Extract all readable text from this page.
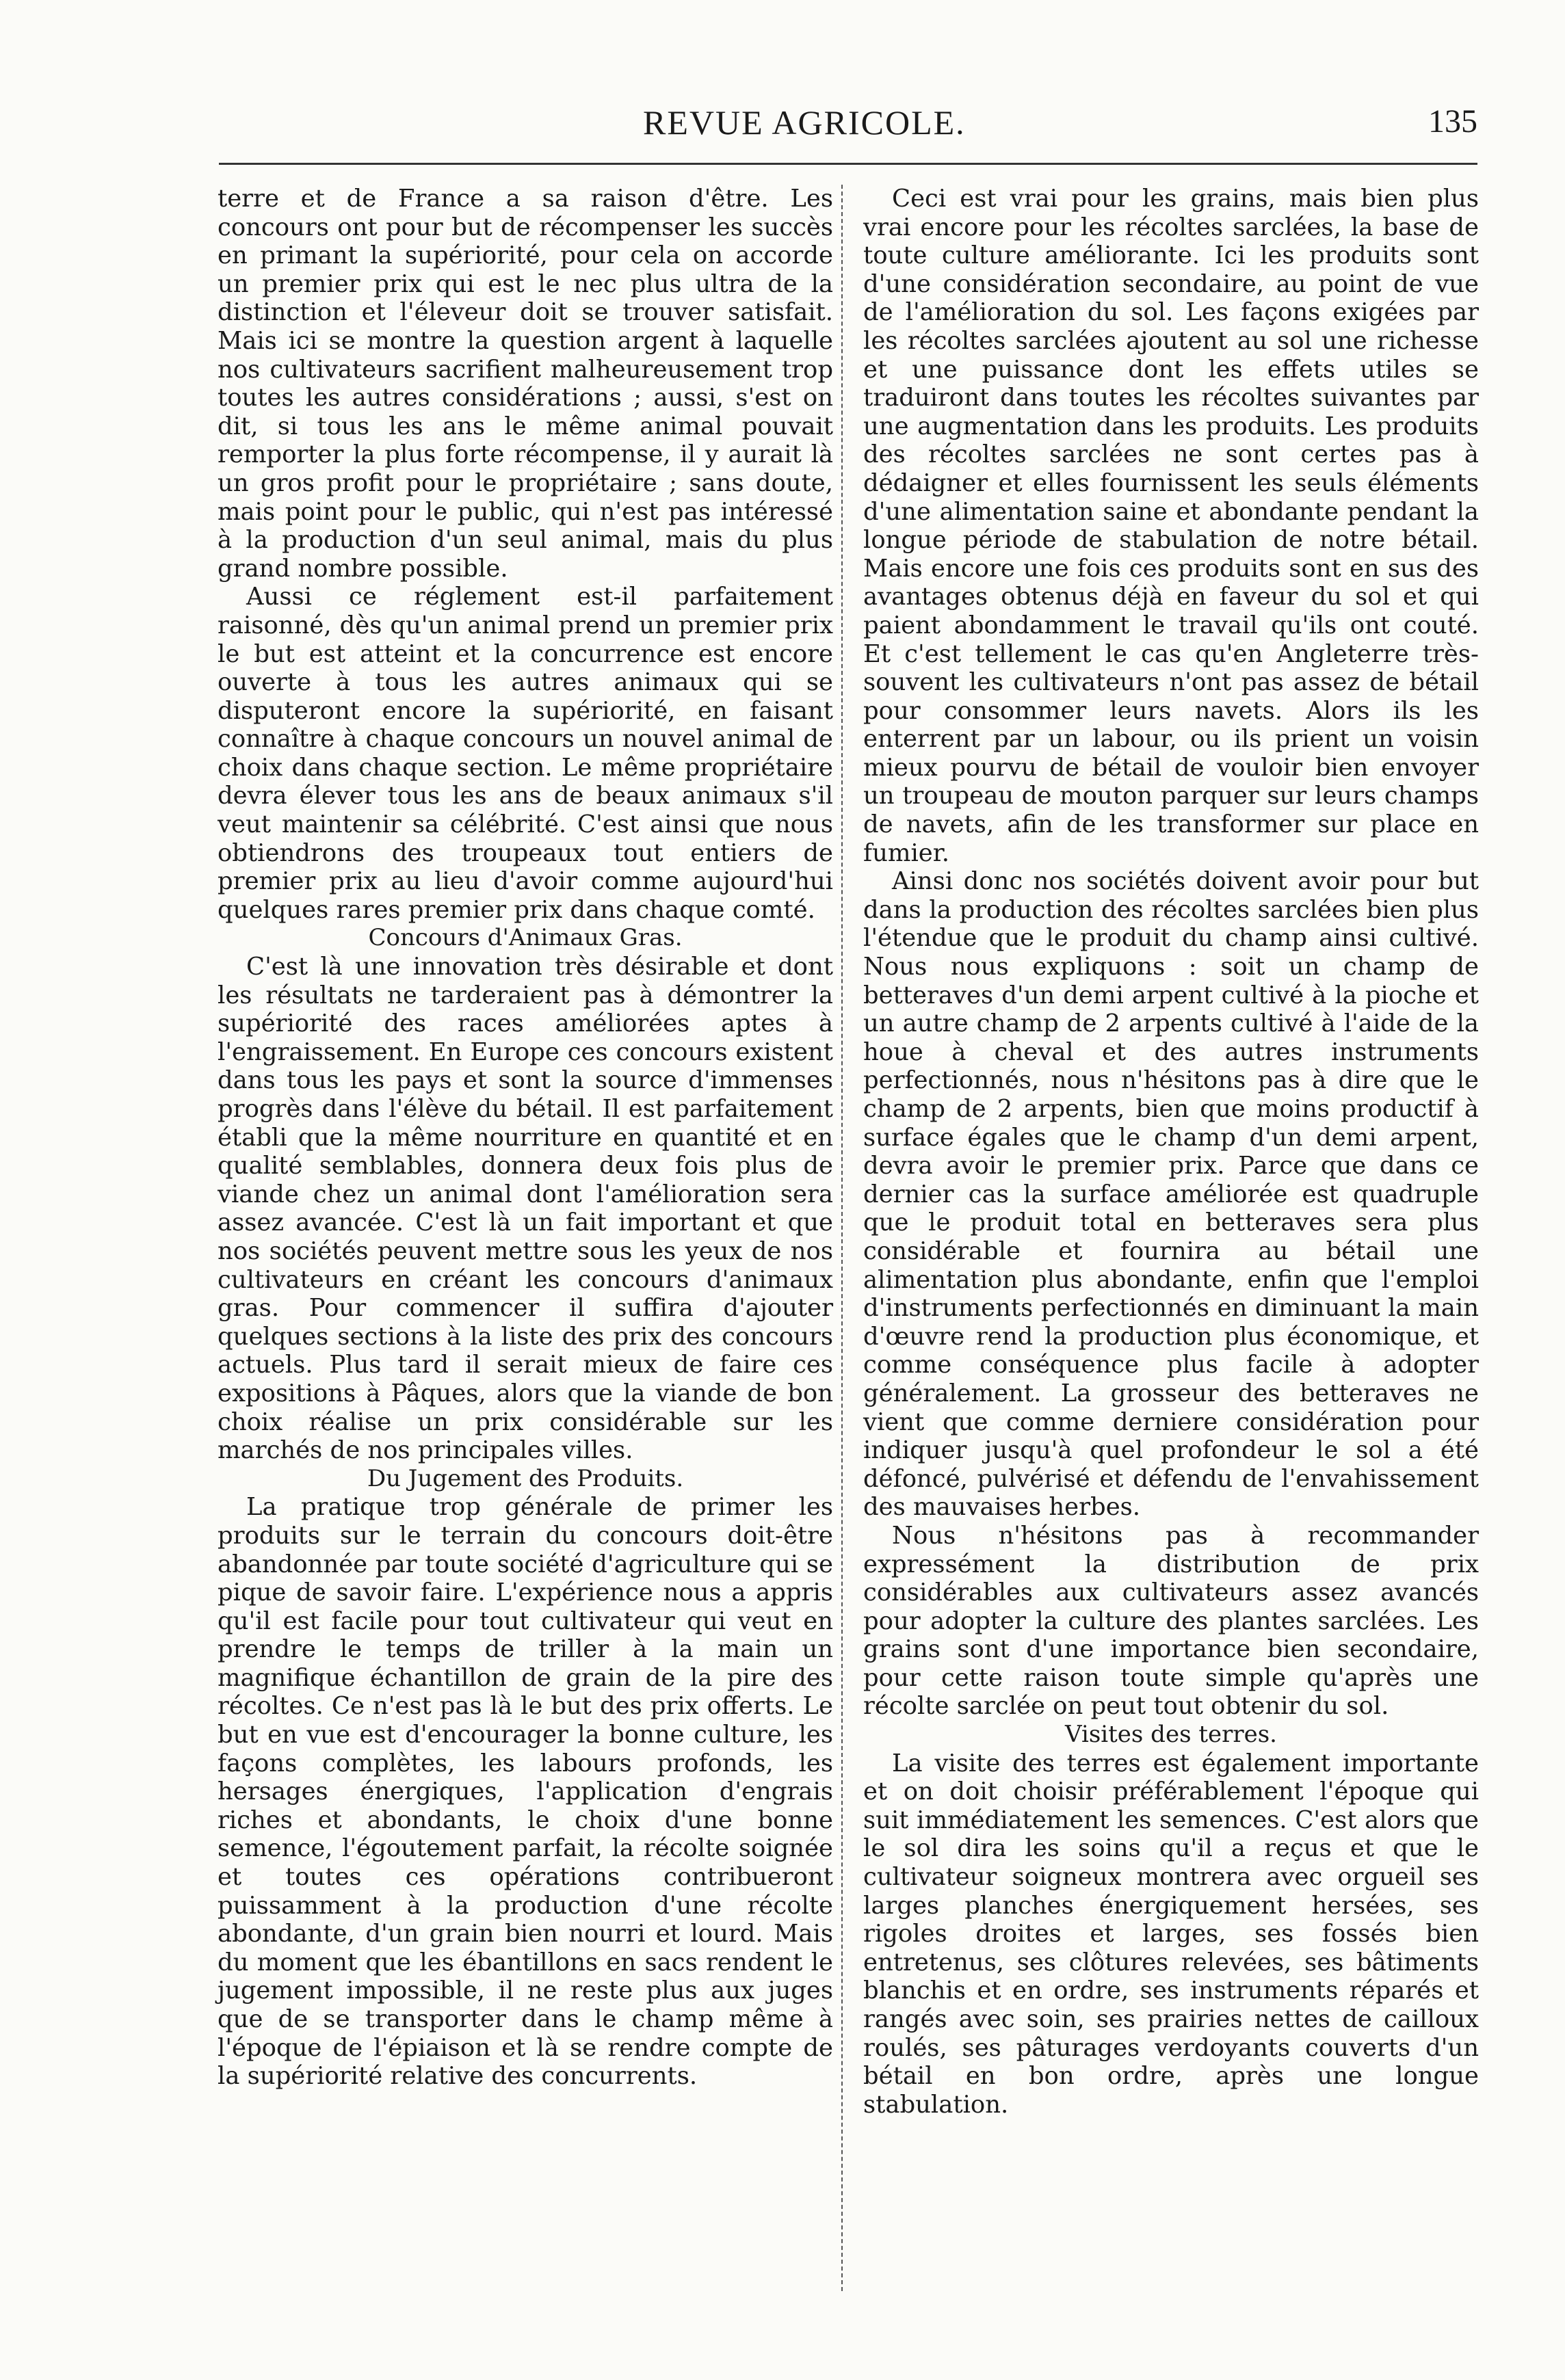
REVUE AGRICOLE.	135

terre et de France a sa raison d'être. Les concours ont pour but de récompenser les succès en primant la supériorité, pour cela on accorde un premier prix qui est le nec plus ultra de la distinction et l'éleveur doit se trouver satisfait. Mais ici se montre la question argent à laquelle nos cultivateurs sacrifient malheureusement trop toutes les autres considérations ; aussi, s'est on dit, si tous les ans le même animal pouvait remporter la plus forte récompense, il y aurait là un gros profit pour le propriétaire ; sans doute, mais point pour le public, qui n'est pas intéressé à la production d'un seul animal, mais du plus grand nombre possible.

Aussi ce réglement est-il parfaitement raisonné, dès qu'un animal prend un premier prix le but est atteint et la concurrence est encore ouverte à tous les autres animaux qui se disputeront encore la supériorité, en faisant connaître à chaque concours un nouvel animal de choix dans chaque section. Le même propriétaire devra élever tous les ans de beaux animaux s'il veut maintenir sa célébrité. C'est ainsi que nous obtiendrons des troupeaux tout entiers de premier prix au lieu d'avoir comme aujourd'hui quelques rares premier prix dans chaque comté.

Concours d'Animaux Gras.

C'est là une innovation très désirable et dont les résultats ne tarderaient pas à démontrer la supériorité des races améliorées aptes à l'engraissement. En Europe ces concours existent dans tous les pays et sont la source d'immenses progrès dans l'élève du bétail. Il est parfaitement établi que la même nourriture en quantité et en qualité semblables, donnera deux fois plus de viande chez un animal dont l'amélioration sera assez avancée. C'est là un fait important et que nos sociétés peuvent mettre sous les yeux de nos cultivateurs en créant les concours d'animaux gras. Pour commencer il suffira d'ajouter quelques sections à la liste des prix des concours actuels. Plus tard il serait mieux de faire ces expositions à Pâques, alors que la viande de bon choix réalise un prix considérable sur les marchés de nos principales villes.

Du Jugement des Produits.

La pratique trop générale de primer les produits sur le terrain du concours doit-être abandonnée par toute société d'agriculture qui se pique de savoir faire. L'expérience nous a appris qu'il est facile pour tout cultivateur qui veut en prendre le temps de triller à la main un magnifique échantillon de grain de la pire des récoltes. Ce n'est pas là le but des prix offerts. Le but en vue est d'encourager la bonne culture, les façons complètes, les labours profonds, les hersages énergiques, l'application d'engrais riches et abondants, le choix d'une bonne semence, l'égoutement parfait, la récolte soignée et toutes ces opérations contribueront puissamment à la production d'une récolte abondante, d'un grain bien nourri et lourd. Mais du moment que les ébantillons en sacs rendent le jugement impossible, il ne reste plus aux juges que de se transporter dans le champ même à l'époque de l'épiaison et là se rendre compte de la supériorité relative des concurrents.

Ceci est vrai pour les grains, mais bien plus vrai encore pour les récoltes sarclées, la base de toute culture améliorante. Ici les produits sont d'une considération secondaire, au point de vue de l'amélioration du sol. Les façons exigées par les récoltes sarclées ajoutent au sol une richesse et une puissance dont les effets utiles se traduiront dans toutes les récoltes suivantes par une augmentation dans les produits. Les produits des récoltes sarclées ne sont certes pas à dédaigner et elles fournissent les seuls éléments d'une alimentation saine et abondante pendant la longue période de stabulation de notre bétail. Mais encore une fois ces produits sont en sus des avantages obtenus déjà en faveur du sol et qui paient abondamment le travail qu'ils ont couté. Et c'est tellement le cas qu'en Angleterre très-souvent les cultivateurs n'ont pas assez de bétail pour consommer leurs navets. Alors ils les enterrent par un labour, ou ils prient un voisin mieux pourvu de bétail de vouloir bien envoyer un troupeau de mouton parquer sur leurs champs de navets, afin de les transformer sur place en fumier.

Ainsi donc nos sociétés doivent avoir pour but dans la production des récoltes sarclées bien plus l'étendue que le produit du champ ainsi cultivé. Nous nous expliquons : soit un champ de betteraves d'un demi arpent cultivé à la pioche et un autre champ de 2 arpents cultivé à l'aide de la houe à cheval et des autres instruments perfectionnés, nous n'hésitons pas à dire que le champ de 2 arpents, bien que moins productif à surface égales que le champ d'un demi arpent, devra avoir le premier prix. Parce que dans ce dernier cas la surface améliorée est quadruple que le produit total en betteraves sera plus considérable et fournira au bétail une alimentation plus abondante, enfin que l'emploi d'instruments perfectionnés en diminuant la main d'œuvre rend la production plus économique, et comme conséquence plus facile à adopter généralement. La grosseur des betteraves ne vient que comme derniere considération pour indiquer jusqu'à quel profondeur le sol a été défoncé, pulvérisé et défendu de l'envahissement des mauvaises herbes.

Nous n'hésitons pas à recommander expressément la distribution de prix considérables aux cultivateurs assez avancés pour adopter la culture des plantes sarclées. Les grains sont d'une importance bien secondaire, pour cette raison toute simple qu'après une récolte sarclée on peut tout obtenir du sol.

Visites des terres.

La visite des terres est également importante et on doit choisir préférablement l'époque qui suit immédiatement les semences. C'est alors que le sol dira les soins qu'il a reçus et que le cultivateur soigneux montrera avec orgueil ses larges planches énergiquement hersées, ses rigoles droites et larges, ses fossés bien entretenus, ses clôtures relevées, ses bâtiments blanchis et en ordre, ses instruments réparés et rangés avec soin, ses prairies nettes de cailloux roulés, ses pâturages verdoyants couverts d'un bétail en bon ordre, après une longue stabulation.
